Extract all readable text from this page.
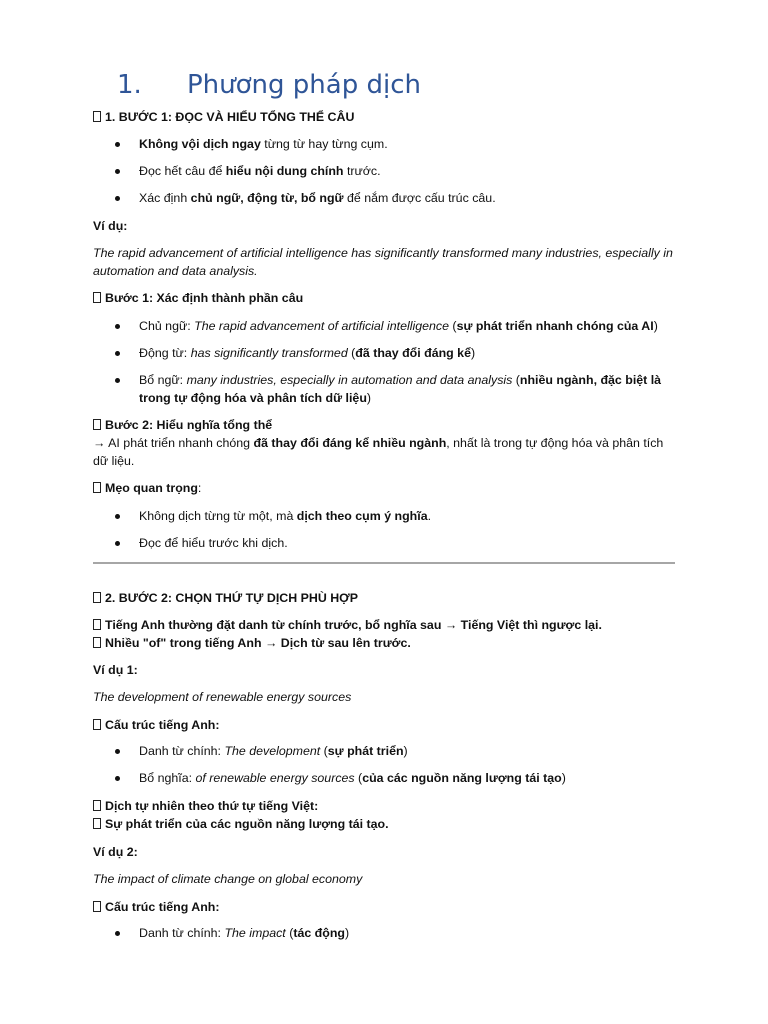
1. Phương pháp dịch

1. BƯỚC 1: ĐỌC VÀ HIỂU TỔNG THỂ CÂU

Không vội dịch ngay từng từ hay từng cụm.
Đọc hết câu để hiểu nội dung chính trước.
Xác định chủ ngữ, động từ, bổ ngữ để nắm được cấu trúc câu.

Ví dụ:

The rapid advancement of artificial intelligence has significantly transformed many industries, especially in automation and data analysis.

Bước 1: Xác định thành phần câu

Chủ ngữ: The rapid advancement of artificial intelligence (sự phát triển nhanh chóng của AI)
Động từ: has significantly transformed (đã thay đổi đáng kể)
Bổ ngữ: many industries, especially in automation and data analysis (nhiều ngành, đặc biệt là trong tự động hóa và phân tích dữ liệu)

Bước 2: Hiểu nghĩa tổng thể

→ AI phát triển nhanh chóng đã thay đổi đáng kể nhiều ngành, nhất là trong tự động hóa và phân tích dữ liệu.

Mẹo quan trọng:

Không dịch từng từ một, mà dịch theo cụm ý nghĩa.
Đọc để hiểu trước khi dịch.

2. BƯỚC 2: CHỌN THỨ TỰ DỊCH PHÙ HỢP

Tiếng Anh thường đặt danh từ chính trước, bổ nghĩa sau → Tiếng Việt thì ngược lại.
Nhiều "of" trong tiếng Anh → Dịch từ sau lên trước.

Ví dụ 1:

The development of renewable energy sources

Cấu trúc tiếng Anh:

Danh từ chính: The development (sự phát triển)
Bổ nghĩa: of renewable energy sources (của các nguồn năng lượng tái tạo)

Dịch tự nhiên theo thứ tự tiếng Việt:
Sự phát triển của các nguồn năng lượng tái tạo.

Ví dụ 2:

The impact of climate change on global economy

Cấu trúc tiếng Anh:

Danh từ chính: The impact (tác động)
